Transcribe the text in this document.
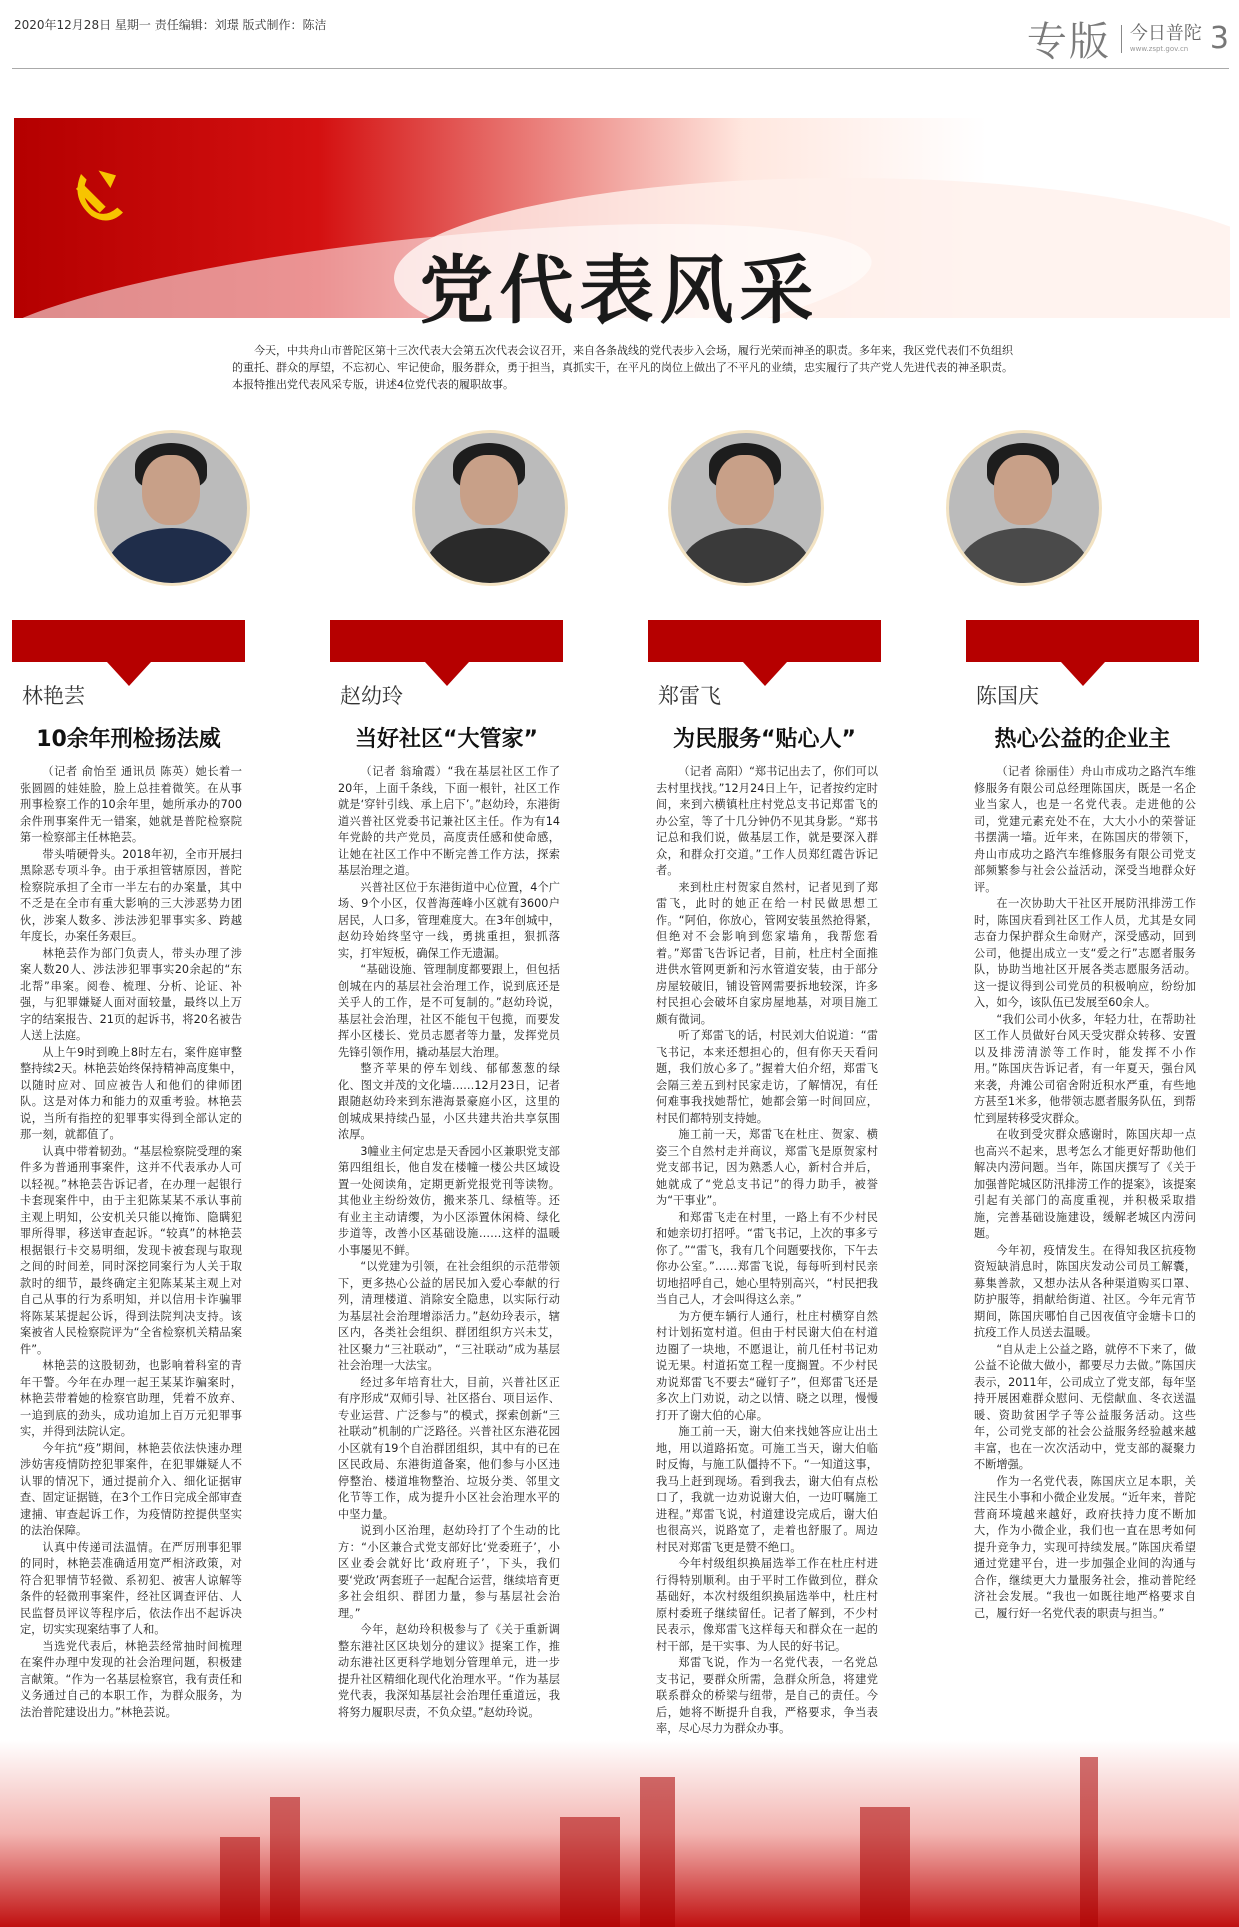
2020年12月28日 星期一 责任编辑：刘璟 版式制作：陈洁	专版	今日普陀
www.zspt.gov.cn 3
党代表风采
今天，中共舟山市普陀区第十三次代表大会第五次代表会议召开，来自各条战线的党代表步入会场，履行光荣而神圣的职责。多年来，我区党代表们不负组织的重托、群众的厚望，不忘初心、牢记使命，服务群众，勇于担当，真抓实干，在平凡的岗位上做出了不平凡的业绩，忠实履行了共产党人先进代表的神圣职责。本报特推出党代表风采专版，讲述4位党代表的履职故事。
林艳芸
10余年刑检扬法威

（记者 俞怡至 通讯员 陈英）她长着一张圆圆的娃娃脸，脸上总挂着微笑。在从事刑事检察工作的10余年里，她所承办的700余件刑事案件无一错案，她就是普陀检察院第一检察部主任林艳芸。

带头啃硬骨头。2018年初，全市开展扫黑除恶专项斗争。由于承担管辖原因，普陀检察院承担了全市一半左右的办案量，其中不乏是在全市有重大影响的三大涉恶势力团伙，涉案人数多、涉法涉犯罪事实多、跨越年度长，办案任务艰巨。

林艳芸作为部门负责人，带头办理了涉案人数20人、涉法涉犯罪事实20余起的“东北帮”串案。阅卷、梳理、分析、论证、补强，与犯罪嫌疑人面对面较量，最终以上万字的结案报告、21页的起诉书，将20名被告人送上法庭。

从上午9时到晚上8时左右，案件庭审整整持续2天。林艳芸始终保持精神高度集中，以随时应对、回应被告人和他们的律师团队。这是对体力和能力的双重考验。林艳芸说，当所有指控的犯罪事实得到全部认定的那一刻，就都值了。

认真中带着韧劲。“基层检察院受理的案件多为普通刑事案件，这并不代表承办人可以轻视。”林艳芸告诉记者，在办理一起银行卡套现案件中，由于主犯陈某某不承认事前主观上明知，公安机关只能以掩饰、隐瞒犯罪所得罪，移送审查起诉。“较真”的林艳芸根据银行卡交易明细，发现卡被套现与取现之间的时间差，同时深挖同案行为人关于取款时的细节，最终确定主犯陈某某主观上对自己从事的行为系明知，并以信用卡诈骗罪将陈某某提起公诉，得到法院判决支持。该案被省人民检察院评为“全省检察机关精品案件”。

林艳芸的这股韧劲，也影响着科室的青年干警。今年在办理一起王某某诈骗案时，林艳芸带着她的检察官助理，凭着不放弃、一追到底的劲头，成功追加上百万元犯罪事实，并得到法院认定。

今年抗“疫”期间，林艳芸依法快速办理涉妨害疫情防控犯罪案件，在犯罪嫌疑人不认罪的情况下，通过提前介入、细化证据审查、固定证据链，在3个工作日完成全部审查逮捕、审查起诉工作，为疫情防控提供坚实的法治保障。

认真中传递司法温情。在严厉刑事犯罪的同时，林艳芸准确适用宽严相济政策，对符合犯罪情节轻微、系初犯、被害人谅解等条件的轻微刑事案件，经社区调查评估、人民监督员评议等程序后，依法作出不起诉决定，切实实现案结事了人和。

当选党代表后，林艳芸经常抽时间梳理在案件办理中发现的社会治理问题，积极建言献策。“作为一名基层检察官，我有责任和义务通过自己的本职工作，为群众服务，为法治普陀建设出力。”林艳芸说。

赵幼玲
当好社区“大管家”

（记者 翁瑜霞）“我在基层社区工作了20年，上面千条线，下面一根针，社区工作就是‘穿针引线、承上启下’。”赵幼玲，东港街道兴普社区党委书记兼社区主任。作为有14年党龄的共产党员，高度责任感和使命感，让她在社区工作中不断完善工作方法，探索基层治理之道。

兴普社区位于东港街道中心位置，4个广场、9个小区，仅普海莲峰小区就有3600户居民，人口多，管理难度大。在3年创城中，赵幼玲始终坚守一线，勇挑重担，狠抓落实，打牢短板，确保工作无遗漏。

“基础设施、管理制度都要跟上，但包括创城在内的基层社会治理工作，说到底还是关乎人的工作，是不可复制的。”赵幼玲说，基层社会治理，社区不能包干包揽，而要发挥小区楼长、党员志愿者等力量，发挥党员先锋引领作用，撬动基层大治理。

整齐苹果的停车划线、郁郁葱葱的绿化、图文并茂的文化墙……12月23日，记者跟随赵幼玲来到东港海景豪庭小区，这里的创城成果持续凸显，小区共建共治共享氛围浓厚。

3幢业主何定忠是天香园小区兼职党支部第四组组长，他自发在楼幢一楼公共区域设置一处阅读角，定期更新党报党刊等读物。其他业主纷纷效仿，搬来茶几、绿植等。还有业主主动请缨，为小区添置休闲椅、绿化步道等，改善小区基础设施……这样的温暖小事屡见不鲜。

“以党建为引领，在社会组织的示范带领下，更多热心公益的居民加入爱心奉献的行列，清理楼道、消除安全隐患，以实际行动为基层社会治理增添活力。”赵幼玲表示，辖区内，各类社会组织、群团组织方兴未艾，社区聚力“三社联动”，“三社联动”成为基层社会治理一大法宝。

经过多年培育壮大，目前，兴普社区正有序形成“双师引导、社区搭台、项目运作、专业运营、广泛参与”的模式，探索创新“三社联动”机制的广泛路径。兴普社区东港花园小区就有19个自治群团组织，其中有的已在区民政局、东港街道备案，他们参与小区违停整治、楼道堆物整治、垃圾分类、邻里文化节等工作，成为提升小区社会治理水平的中坚力量。

说到小区治理，赵幼玲打了个生动的比方：“小区兼合式党支部好比‘党委班子’，小区业委会就好比‘政府班子’，下头，我们要‘党政’两套班子一起配合运营，继续培育更多社会组织、群团力量，参与基层社会治理。”

今年，赵幼玲积极参与了《关于重新调整东港社区区块划分的建议》提案工作，推动东港社区更科学地划分管理单元，进一步提升社区精细化现代化治理水平。“作为基层党代表，我深知基层社会治理任重道远，我将努力履职尽责，不负众望。”赵幼玲说。

郑雷飞
为民服务“贴心人”

（记者 高阳）“郑书记出去了，你们可以去村里找找。”12月24日上午，记者按约定时间，来到六横镇杜庄村党总支书记郑雷飞的办公室，等了十几分钟仍不见其身影。“郑书记总和我们说，做基层工作，就是要深入群众，和群众打交道。”工作人员郑红霞告诉记者。

来到杜庄村贺家自然村，记者见到了郑雷飞，此时的她正在给一村民做思想工作。“阿伯，你放心，管网安装虽然抢得紧，但绝对不会影响到您家墙角，我帮您看着。”郑雷飞告诉记者，目前，杜庄村全面推进供水管网更新和污水管道安装，由于部分房屋较破旧，铺设管网需要拆地较深，许多村民担心会破坏自家房屋地基，对项目施工颇有微词。

听了郑雷飞的话，村民刘大伯说道：“雷飞书记，本来还想担心的，但有你天天看问题，我们放心多了。”握着大伯介绍，郑雷飞会隔三差五到村民家走访，了解情况，有任何难事我找她帮忙，她都会第一时间回应，村民们都特别支持她。

施工前一天，郑雷飞在杜庄、贺家、横姿三个自然村走并商议，郑雷飞是原贺家村党支部书记，因为熟悉人心，新村合并后，她就成了“党总支书记”的得力助手，被誉为“干事业”。

和郑雷飞走在村里，一路上有不少村民和她亲切打招呼。“雷飞书记，上次的事多亏你了。”“雷飞，我有几个问题要找你，下午去你办公室。”……郑雷飞说，每每听到村民亲切地招呼自己，她心里特别高兴，“村民把我当自己人，才会叫得这么亲。”

为方便车辆行人通行，杜庄村横穿自然村计划拓宽村道。但由于村民谢大伯在村道边圈了一块地，不愿退让，前几任村书记劝说无果。村道拓宽工程一度搁置。不少村民劝说郑雷飞不要去“碰钉子”，但郑雷飞还是多次上门劝说，动之以情、晓之以理，慢慢打开了谢大伯的心扉。

施工前一天，谢大伯来找她答应让出土地，用以道路拓宽。可施工当天，谢大伯临时反悔，与施工队僵持不下。“一知道这事，我马上赶到现场。看到我去，谢大伯有点松口了，我就一边劝说谢大伯，一边叮嘱施工进程。”郑雷飞说，村道建设完成后，谢大伯也很高兴，说路宽了，走着也舒服了。周边村民对郑雷飞更是赞不绝口。

今年村级组织换届选举工作在杜庄村进行得特别顺利。由于平时工作做到位，群众基础好，本次村级组织换届选举中，杜庄村原村委班子继续留任。记者了解到，不少村民表示，像郑雷飞这样每天和群众在一起的村干部，是干实事、为人民的好书记。

郑雷飞说，作为一名党代表，一名党总支书记，要群众所需，急群众所急，将建党联系群众的桥梁与纽带，是自己的责任。今后，她将不断提升自我，严格要求，争当表率，尽心尽力为群众办事。

陈国庆
热心公益的企业主

（记者 徐丽佳）舟山市成功之路汽车维修服务有限公司总经理陈国庆，既是一名企业当家人，也是一名党代表。走进他的公司，党建元素充处不在，大大小小的荣誉证书摆满一墙。近年来，在陈国庆的带领下，舟山市成功之路汽车维修服务有限公司党支部频繁参与社会公益活动，深受当地群众好评。

在一次协助大干社区开展防汛排涝工作时，陈国庆看到社区工作人员，尤其是女同志奋力保护群众生命财产，深受感动，回到公司，他提出成立一支“爱之行”志愿者服务队，协助当地社区开展各类志愿服务活动。这一提议得到公司党员的积极响应，纷纷加入，如今，该队伍已发展至60余人。

“我们公司小伙多，年轻力壮，在帮助社区工作人员做好台风天受灾群众转移、安置以及排涝清淤等工作时，能发挥不小作用。”陈国庆告诉记者，有一年夏天，强台风来袭，舟滩公司宿舍附近积水严重，有些地方甚至1米多，他带领志愿者服务队伍，到帮忙到屋转移受灾群众。

在收到受灾群众感谢时，陈国庆却一点也高兴不起来，思考怎么才能更好帮助他们解决内涝问题。当年，陈国庆撰写了《关于加强普陀城区防汛排涝工作的提案》，该提案引起有关部门的高度重视，并积极采取措施，完善基础设施建设，缓解老城区内涝问题。

今年初，疫情发生。在得知我区抗疫物资短缺消息时，陈国庆发动公司员工解囊，募集善款，又想办法从各种渠道购买口罩、防护服等，捐献给街道、社区。今年元宵节期间，陈国庆哪怕自己因夜值守金塘卡口的抗疫工作人员送去温暖。

“自从走上公益之路，就停不下来了，做公益不论做大做小，都要尽力去做。”陈国庆表示，2011年，公司成立了党支部，每年坚持开展困难群众慰问、无偿献血、冬衣送温暖、资助贫困学子等公益服务活动。这些年，公司党支部的社会公益服务经验越来越丰富，也在一次次活动中，党支部的凝聚力不断增强。

作为一名党代表，陈国庆立足本职，关注民生小事和小微企业发展。“近年来，普陀营商环境越来越好，政府扶持力度不断加大，作为小微企业，我们也一直在思考如何提升竞争力，实现可持续发展。”陈国庆希望通过党建平台，进一步加强企业间的沟通与合作，继续更大力量服务社会，推动普陀经济社会发展。“我也一如既往地严格要求自己，履行好一名党代表的职责与担当。”
